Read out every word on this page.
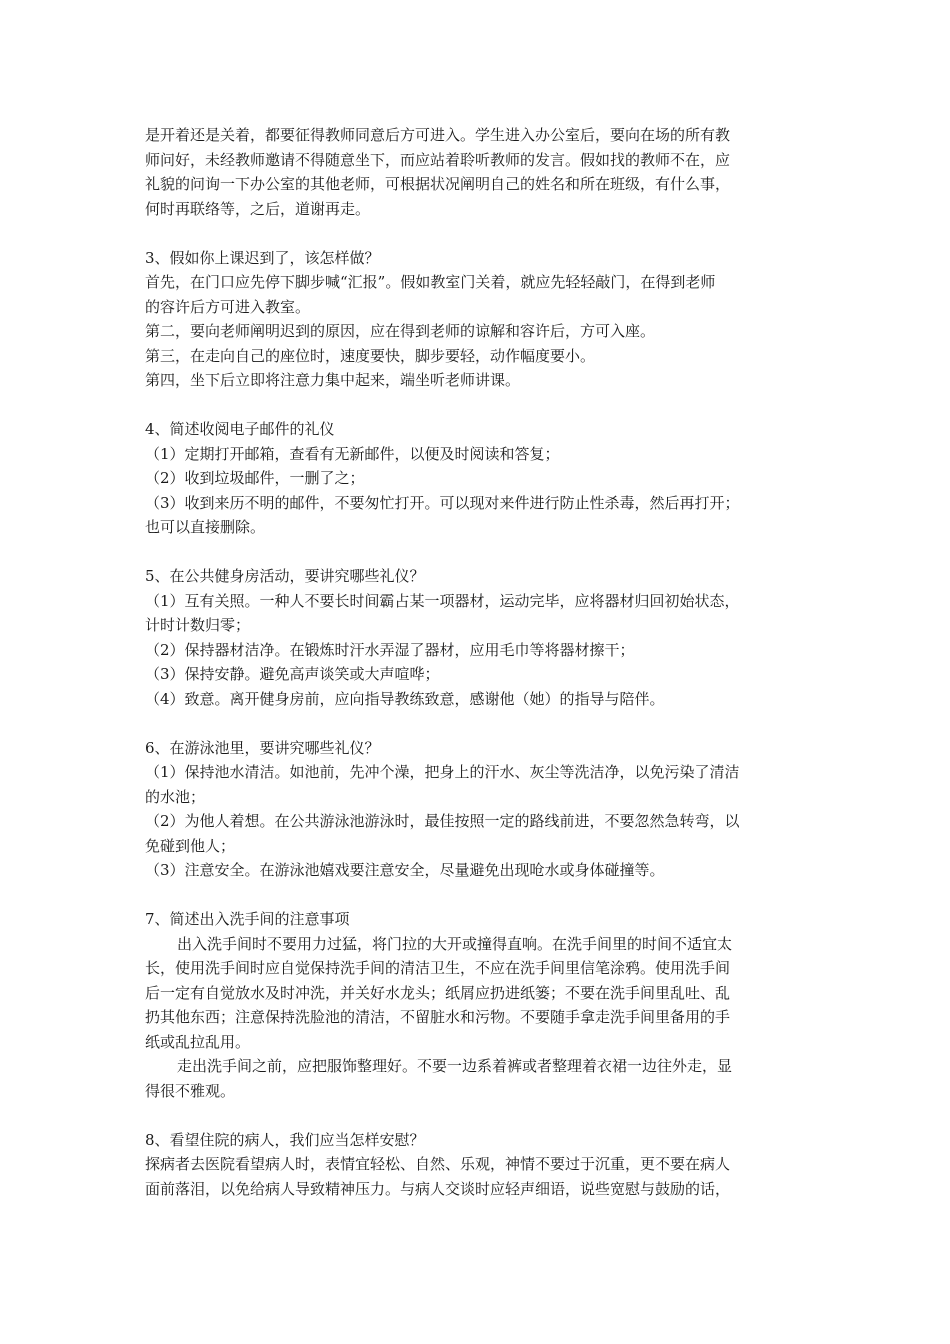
是开着还是关着，都要征得教师同意后方可进入。学生进入办公室后，要向在场的所有教
师问好，未经教师邀请不得随意坐下，而应站着聆听教师的发言。假如找的教师不在，应
礼貌的问询一下办公室的其他老师，可根据状况阐明自己的姓名和所在班级，有什么事，
何时再联络等，之后，道谢再走。
3、假如你上课迟到了，该怎样做？
首先，在门口应先停下脚步喊“汇报”。假如教室门关着，就应先轻轻敲门，在得到老师
的容许后方可进入教室。
第二，要向老师阐明迟到的原因，应在得到老师的谅解和容许后，方可入座。
第三，在走向自己的座位时，速度要快，脚步要轻，动作幅度要小。
第四，坐下后立即将注意力集中起来，端坐听老师讲课。
4、简述收阅电子邮件的礼仪
（1）定期打开邮箱，查看有无新邮件，以便及时阅读和答复；
（2）收到垃圾邮件，一删了之；
（3）收到来历不明的邮件，不要匆忙打开。可以现对来件进行防止性杀毒，然后再打开；
也可以直接删除。
5、在公共健身房活动，要讲究哪些礼仪？
（1）互有关照。一种人不要长时间霸占某一项器材，运动完毕，应将器材归回初始状态，
计时计数归零；
（2）保持器材洁净。在锻炼时汗水弄湿了器材，应用毛巾等将器材擦干；
（3）保持安静。避免高声谈笑或大声喧哗；
（4）致意。离开健身房前，应向指导教练致意，感谢他（她）的指导与陪伴。
6、在游泳池里，要讲究哪些礼仪？
（1）保持池水清洁。如池前，先冲个澡，把身上的汗水、灰尘等洗洁净，以免污染了清洁
的水池；
（2）为他人着想。在公共游泳池游泳时，最佳按照一定的路线前进，不要忽然急转弯，以
免碰到他人；
（3）注意安全。在游泳池嬉戏要注意安全，尽量避免出现呛水或身体碰撞等。
7、简述出入洗手间的注意事项
出入洗手间时不要用力过猛，将门拉的大开或撞得直响。在洗手间里的时间不适宜太
长，使用洗手间时应自觉保持洗手间的清洁卫生，不应在洗手间里信笔涂鸦。使用洗手间
后一定有自觉放水及时冲洗，并关好水龙头；纸屑应扔进纸篓；不要在洗手间里乱吐、乱
扔其他东西；注意保持洗脸池的清洁，不留脏水和污物。不要随手拿走洗手间里备用的手
纸或乱拉乱用。
走出洗手间之前，应把服饰整理好。不要一边系着裤或者整理着衣裙一边往外走，显
得很不雅观。
8、看望住院的病人，我们应当怎样安慰？
探病者去医院看望病人时，表情宜轻松、自然、乐观，神情不要过于沉重，更不要在病人
面前落泪，以免给病人导致精神压力。与病人交谈时应轻声细语，说些宽慰与鼓励的话，
